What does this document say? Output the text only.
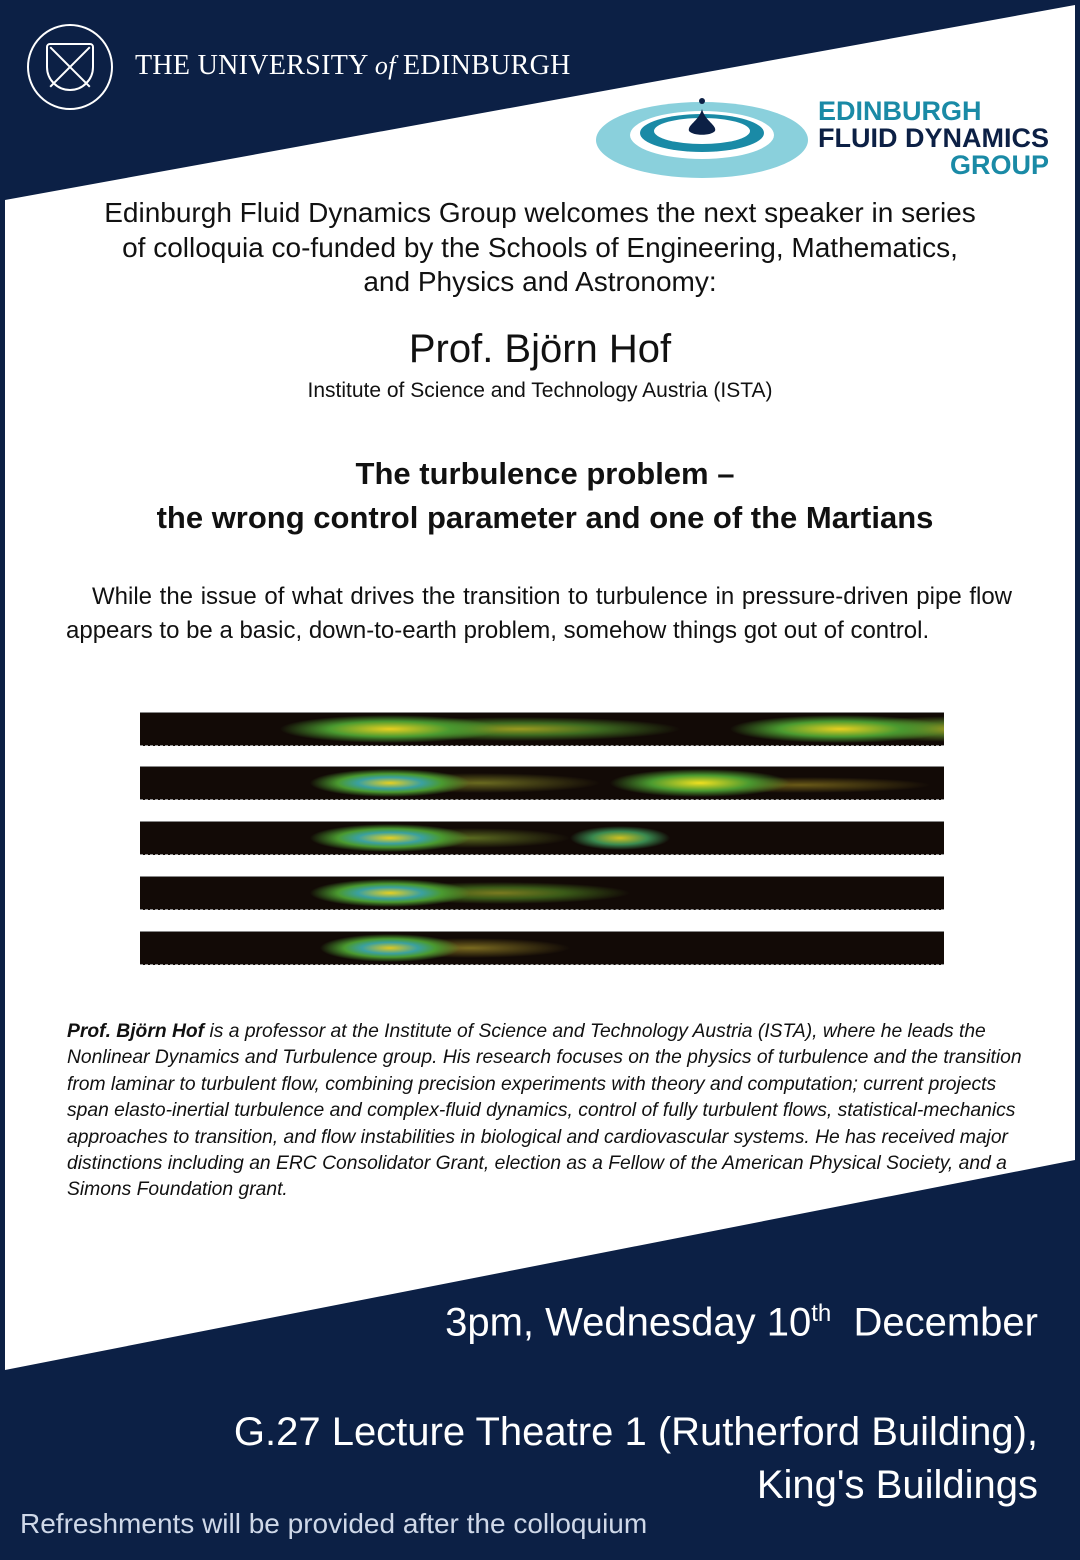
THE UNIVERSITY of EDINBURGH
EDINBURGH
FLUID DYNAMICS
GROUP
Edinburgh Fluid Dynamics Group welcomes the next speaker in series of colloquia co-funded by the Schools of Engineering, Mathematics, and Physics and Astronomy:
Prof. Björn Hof
Institute of Science and Technology Austria (ISTA)
The turbulence problem –
the wrong control parameter and one of the Martians
While the issue of what drives the transition to turbulence in pressure-driven pipe flow appears to be a basic, down-to-earth problem, somehow things got out of control.
Prof. Björn Hof is a professor at the Institute of Science and Technology Austria (ISTA), where he leads the Nonlinear Dynamics and Turbulence group. His research focuses on the physics of turbulence and the transition from laminar to turbulent flow, combining precision experiments with theory and computation; current projects span elasto-inertial turbulence and complex-fluid dynamics, control of fully turbulent flows, statistical-mechanics approaches to transition, and flow instabilities in biological and cardiovascular systems. He has received major distinctions including an ERC Consolidator Grant, election as a Fellow of the American Physical Society, and a Simons Foundation grant.
3pm, Wednesday 10th December
G.27 Lecture Theatre 1 (Rutherford Building),
King's Buildings
Refreshments will be provided after the colloquium
